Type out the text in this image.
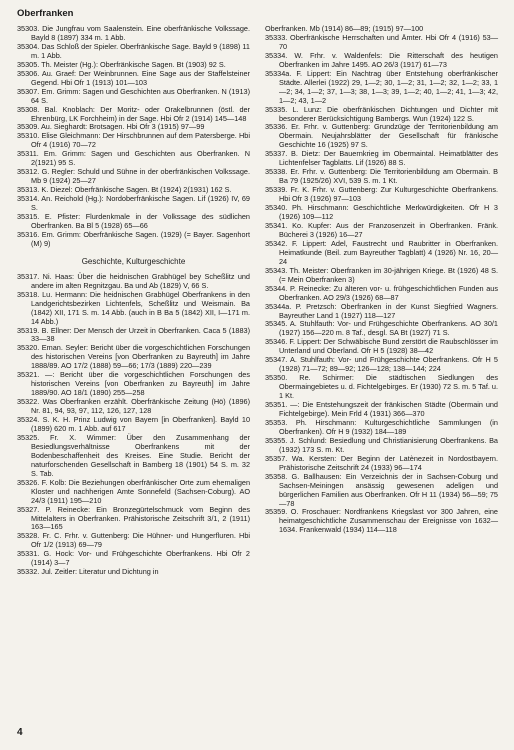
Oberfranken

35303. Die Jungfrau vom Saalenstein. Eine oberfränkische Volkssage. Bayld 8 (1897) 334 m. 1 Abb.

35304. Das Schloß der Spieler. Oberfränkische Sage. Bayld 9 (1898) 11 m. 1 Abb.

35305. Th. Meister (Hg.): Oberfränkische Sagen. Bt (1903) 92 S.

35306. Au. Graef: Der Weinbrunnen. Eine Sage aus der Staffelsteiner Gegend. Hbi Ofr 1 (1913) 101—103

35307. Em. Grimm: Sagen und Geschichten aus Oberfranken. N (1913) 64 S.

35308. Bal. Knoblach: Der Moritz- oder Orakelbrunnen (östl. der Ehrenbürg, LK Forchheim) in der Sage. Hbi Ofr 2 (1914) 145—148

35309. Au. Sieghardt: Brotsagen. Hbi Ofr 3 (1915) 97—99

35310. Elise Gleichmann: Der Hirschbrunnen auf dem Patersberge. Hbi Ofr 4 (1916) 70—72

35311. Em. Grimm: Sagen und Geschichten aus Oberfranken. N 2(1921) 95 S.

35312. G. Regler: Schuld und Sühne in der oberfränkischen Volkssage. Mb 9 (1924) 25—27

35313. K. Diezel: Oberfränkische Sagen. Bt (1924) 2(1931) 162 S.

35314. An. Reichold (Hg.): Nordoberfränkische Sagen. Lif (1926) IV, 69 S.

35315. E. Pfister: Flurdenkmale in der Volkssage des südlichen Oberfranken. Ba Bl 5 (1928) 65—66

35316. Em. Grimm: Oberfränkische Sagen. (1929) (= Bayer. Sagenhort (M) 9)

Geschichte, Kulturgeschichte

35317. Ni. Haas: Über die heidnischen Grabhügel bey Scheßlitz und andere im alten Regnitzgau. Ba und Ab (1829) V, 66 S.

35318. Lu. Hermann: Die heidnischen Grabhügel Oberfrankens in den Landgerichtsbezirken Lichtenfels, Scheßlitz und Weismain. Ba (1842) XII, 171 S. m. 14 Abb. (auch in B Ba 5 (1842) XII, I—171 m. 14 Abb.)

35319. B. Ellner: Der Mensch der Urzeit in Oberfranken. Caca 5 (1883) 33—38

35320. Eman. Seyler: Bericht über die vorgeschichtlichen Forschungen des historischen Vereins [von Oberfranken zu Bayreuth] im Jahre 1888/89. AO 17/2 (1888) 59—66; 17/3 (1889) 220—239

35321. —: Bericht über die vorgeschichtlichen Forschungen des historischen Vereins [von Oberfranken zu Bayreuth] im Jahre 1889/90. AO 18/1 (1890) 255—258

35322. Was Oberfranken erzählt. Oberfränkische Zeitung (Hö) (1896) Nr. 81, 94, 93, 97, 112, 126, 127, 128

35324. S. K. H. Prinz Ludwig von Bayern [in Oberfranken]. Bayld 10 (1899) 620 m. 1 Abb. auf 617

35325. Fr. X. Wimmer: Über den Zusammenhang der Besiedlungsverhältnisse Oberfrankens mit der Bodenbeschaffenheit des Kreises. Eine Studie. Bericht der naturforschenden Gesellschaft in Bamberg 18 (1901) 54 S. m. 32 S. Tab.

35326. F. Kolb: Die Beziehungen oberfränkischer Orte zum ehemaligen Kloster und nachherigen Amte Sonnefeld (Sachsen-Coburg). AO 24/3 (1911) 195—210

35327. P. Reinecke: Ein Bronzegürtelschmuck vom Beginn des Mittelalters in Oberfranken. Prähistorische Zeitschrift 3/1, 2 (1911) 163—165

35328. Fr. C. Frhr. v. Guttenberg: Die Hühner- und Hungerfluren. Hbi Ofr 1/2 (1913) 69—79

35331. G. Hock: Vor- und Frühgeschichte Oberfrankens. Hbi Ofr 2 (1914) 3—7

35332. Jul. Zeitler: Literatur und Dichtung in

Oberfranken. Mb (1914) 86—89; (1915) 97—100

35333. Oberfränkische Herrschaften und Ämter. Hbi Ofr 4 (1916) 53—70

35334. W. Frhr. v. Waldenfels: Die Ritterschaft des heutigen Oberfranken im Jahre 1495. AO 26/3 (1917) 61—73

35334a. F. Lippert: Ein Nachtrag über Entstehung oberfränkischer Städte. Allerlei (1922) 29, 1—2; 30, 1—2; 31, 1—2; 32, 1—2; 33, 1—2; 34, 1—2; 37, 1—3; 38, 1—3; 39, 1—2; 40, 1—2; 41, 1—3; 42, 1—2; 43, 1—2

35335. L. Lunz: Die oberfränkischen Dichtungen und Dichter mit besonderer Berücksichtigung Bambergs. Wun (1924) 122 S.

35336. Er. Frhr. v. Guttenberg: Grundzüge der Territorienbildung am Obermain. Neujahrsblätter der Gesellschaft für fränkische Geschichte 16 (1925) 97 S.

35337. B. Dietz: Der Bauernkrieg im Obermaintal. Heimatblätter des Lichtenfelser Tagblatts. Lif (1926) 88 S.

35338. Er. Frhr. v. Guttenberg: Die Territorienbildung am Obermain. B Ba 79 (1925/26) XVI, 539 S. m. 1 Kt.

35339. Fr. K. Frhr. v. Guttenberg: Zur Kulturgeschichte Oberfrankens. Hbi Ofr 3 (1926) 97—103

35340. Ph. Hirschmann: Geschichtliche Merkwürdigkeiten. Ofr H 3 (1926) 109—112

35341. Ko. Kupfer: Aus der Franzosenzeit in Oberfranken. Fränk. Bücherei 3 (1926) 16—27

35342. F. Lippert: Adel, Faustrecht und Raubritter in Oberfranken. Heimatkunde (Beil. zum Bayreuther Tagblatt) 4 (1926) Nr. 16, 20—24

35343. Th. Meister: Oberfranken im 30-jährigen Kriege. Bt (1926) 48 S. (= Mein Oberfranken 3)

35344. P. Reinecke: Zu älteren vor- u. frühgeschichtlichen Funden aus Oberfranken. AO 29/3 (1926) 68—87

35344a. P. Pretzsch: Oberfranken in der Kunst Siegfried Wagners. Bayreuther Land 1 (1927) 118—127

35345. A. Stuhlfauth: Vor- und Frühgeschichte Oberfrankens. AO 30/1 (1927) 156—220 m. 8 Taf., desgl. SA Bt (1927) 71 S.

35346. F. Lippert: Der Schwäbische Bund zerstört die Raubschlösser im Unterland und Oberland. Ofr H 5 (1928) 38—42

35347. A. Stuhlfauth: Vor- und Frühgeschichte Oberfrankens. Ofr H 5 (1928) 71—72; 89—92; 126—128; 138—144; 224

35350. Re. Schirmer: Die städtischen Siedlungen des Obermaingebietes u. d. Fichtelgebirges. Er (1930) 72 S. m. 5 Taf. u. 1 Kt.

35351. —: Die Entstehungszeit der fränkischen Städte (Obermain und Fichtelgebirge). Mein Frld 4 (1931) 366—370

35353. Ph. Hirschmann: Kulturgeschichtliche Sammlungen (in Oberfranken). Ofr H 9 (1932) 184—189

35355. J. Schlund: Besiedlung und Christianisierung Oberfrankens. Ba (1932) 173 S. m. Kt.

35357. Wa. Kersten: Der Beginn der Latènezeit in Nordostbayern. Prähistorische Zeitschrift 24 (1933) 96—174

35358. G. Ballhausen: Ein Verzeichnis der in Sachsen-Coburg und Sachsen-Meiningen ansässig gewesenen adeligen und bürgerlichen Familien aus Oberfranken. Ofr H 11 (1934) 56—59; 75—78

35359. O. Froschauer: Nordfrankens Kriegslast vor 300 Jahren, eine heimatgeschichtliche Zusammenschau der Ereignisse von 1632—1634. Frankenwald (1934) 114—118

4
